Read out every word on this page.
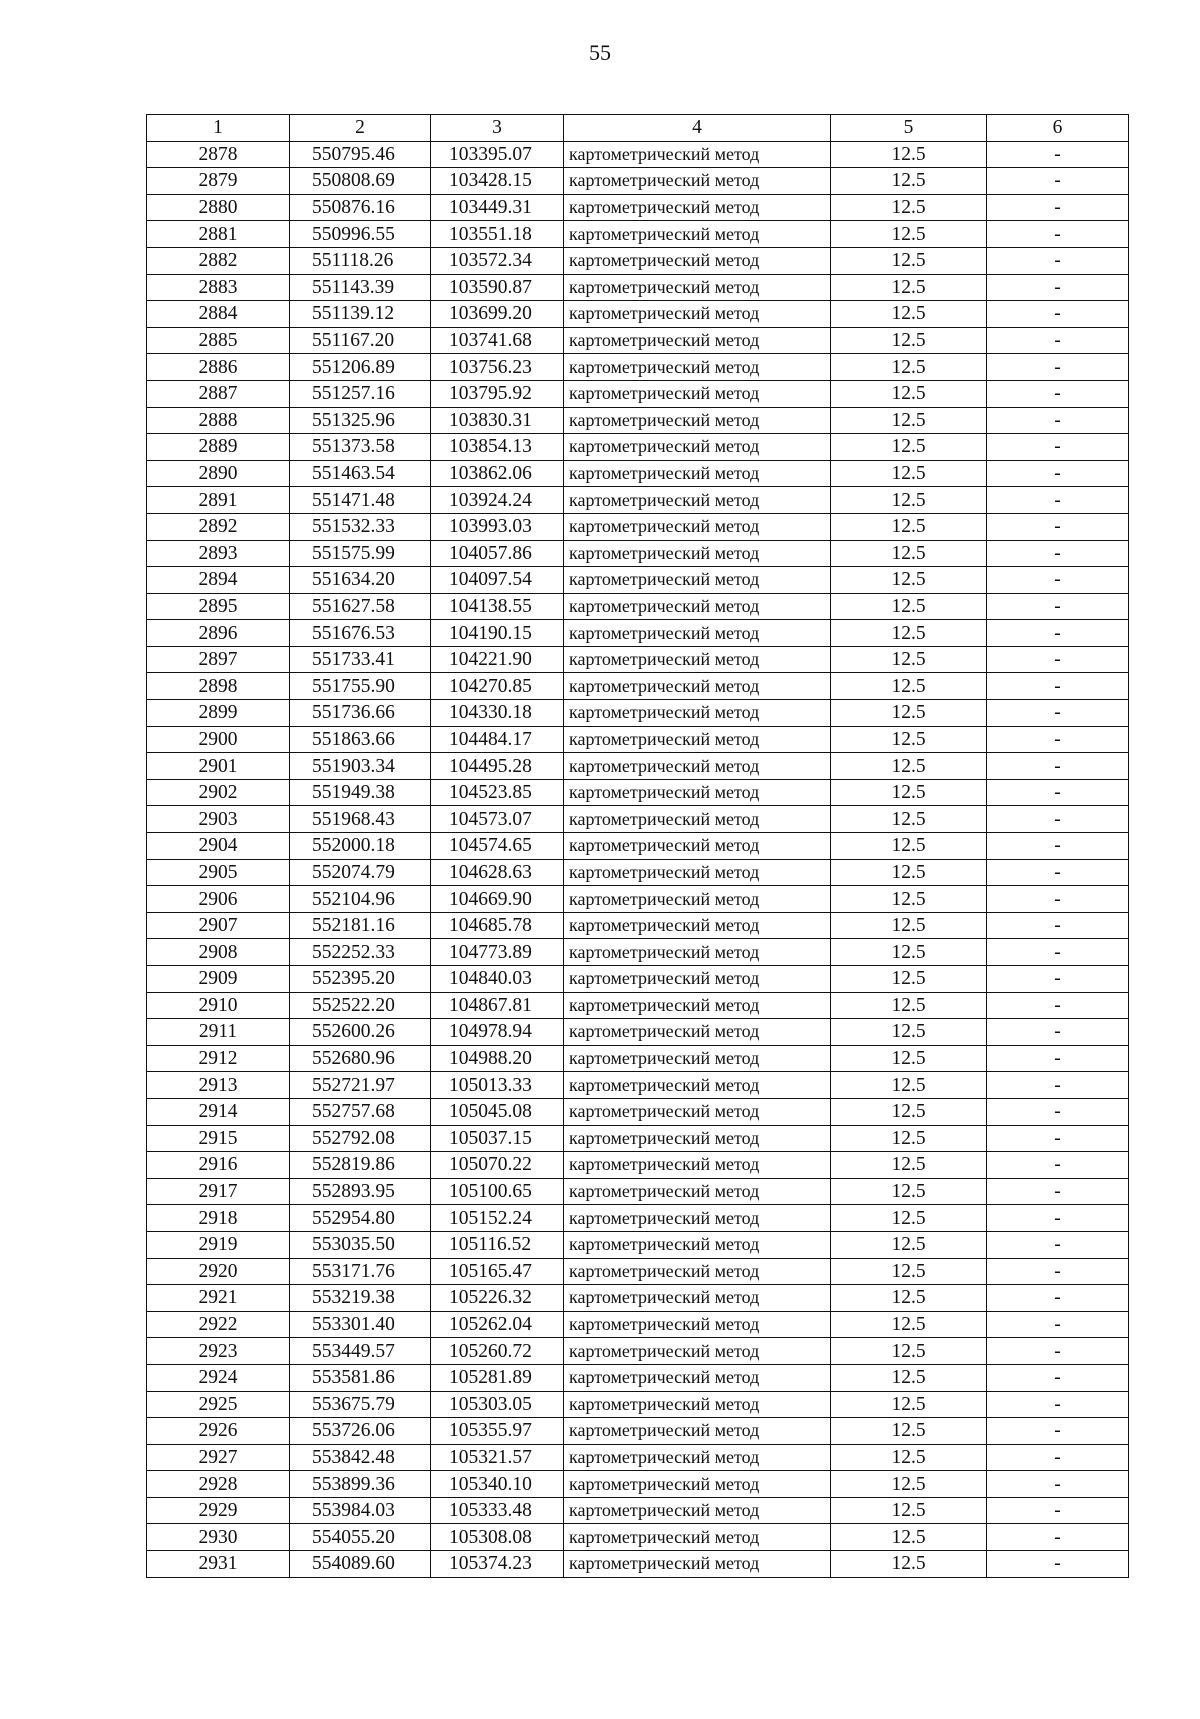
55
1	2	3	4	5	6
2878	550795.46	103395.07	картометрический метод	12.5	-
2879	550808.69	103428.15	картометрический метод	12.5	-
2880	550876.16	103449.31	картометрический метод	12.5	-
2881	550996.55	103551.18	картометрический метод	12.5	-
2882	551118.26	103572.34	картометрический метод	12.5	-
2883	551143.39	103590.87	картометрический метод	12.5	-
2884	551139.12	103699.20	картометрический метод	12.5	-
2885	551167.20	103741.68	картометрический метод	12.5	-
2886	551206.89	103756.23	картометрический метод	12.5	-
2887	551257.16	103795.92	картометрический метод	12.5	-
2888	551325.96	103830.31	картометрический метод	12.5	-
2889	551373.58	103854.13	картометрический метод	12.5	-
2890	551463.54	103862.06	картометрический метод	12.5	-
2891	551471.48	103924.24	картометрический метод	12.5	-
2892	551532.33	103993.03	картометрический метод	12.5	-
2893	551575.99	104057.86	картометрический метод	12.5	-
2894	551634.20	104097.54	картометрический метод	12.5	-
2895	551627.58	104138.55	картометрический метод	12.5	-
2896	551676.53	104190.15	картометрический метод	12.5	-
2897	551733.41	104221.90	картометрический метод	12.5	-
2898	551755.90	104270.85	картометрический метод	12.5	-
2899	551736.66	104330.18	картометрический метод	12.5	-
2900	551863.66	104484.17	картометрический метод	12.5	-
2901	551903.34	104495.28	картометрический метод	12.5	-
2902	551949.38	104523.85	картометрический метод	12.5	-
2903	551968.43	104573.07	картометрический метод	12.5	-
2904	552000.18	104574.65	картометрический метод	12.5	-
2905	552074.79	104628.63	картометрический метод	12.5	-
2906	552104.96	104669.90	картометрический метод	12.5	-
2907	552181.16	104685.78	картометрический метод	12.5	-
2908	552252.33	104773.89	картометрический метод	12.5	-
2909	552395.20	104840.03	картометрический метод	12.5	-
2910	552522.20	104867.81	картометрический метод	12.5	-
2911	552600.26	104978.94	картометрический метод	12.5	-
2912	552680.96	104988.20	картометрический метод	12.5	-
2913	552721.97	105013.33	картометрический метод	12.5	-
2914	552757.68	105045.08	картометрический метод	12.5	-
2915	552792.08	105037.15	картометрический метод	12.5	-
2916	552819.86	105070.22	картометрический метод	12.5	-
2917	552893.95	105100.65	картометрический метод	12.5	-
2918	552954.80	105152.24	картометрический метод	12.5	-
2919	553035.50	105116.52	картометрический метод	12.5	-
2920	553171.76	105165.47	картометрический метод	12.5	-
2921	553219.38	105226.32	картометрический метод	12.5	-
2922	553301.40	105262.04	картометрический метод	12.5	-
2923	553449.57	105260.72	картометрический метод	12.5	-
2924	553581.86	105281.89	картометрический метод	12.5	-
2925	553675.79	105303.05	картометрический метод	12.5	-
2926	553726.06	105355.97	картометрический метод	12.5	-
2927	553842.48	105321.57	картометрический метод	12.5	-
2928	553899.36	105340.10	картометрический метод	12.5	-
2929	553984.03	105333.48	картометрический метод	12.5	-
2930	554055.20	105308.08	картометрический метод	12.5	-
2931	554089.60	105374.23	картометрический метод	12.5	-
